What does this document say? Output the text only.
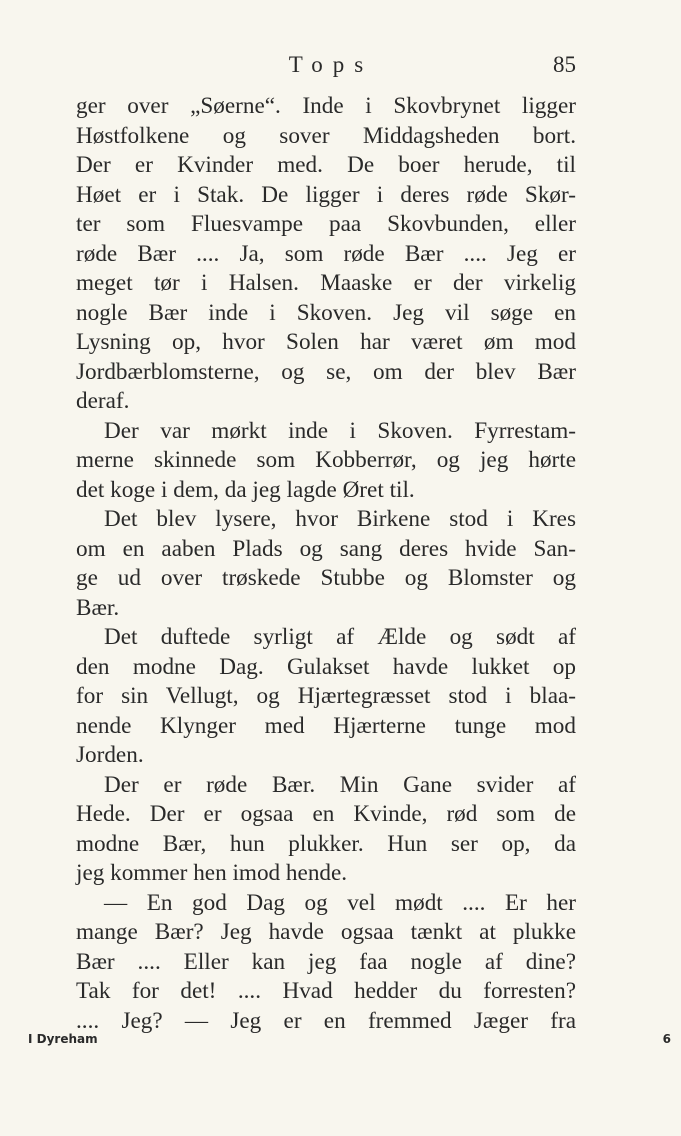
Tops	85
ger over „Søerne“. Inde i Skovbrynet ligger
Høstfolkene og sover Middagsheden bort.
Der er Kvinder med. De boer herude, til
Høet er i Stak. De ligger i deres røde Skør-
ter som Fluesvampe paa Skovbunden, eller
røde Bær .... Ja, som røde Bær .... Jeg er
meget tør i Halsen. Maaske er der virkelig
nogle Bær inde i Skoven. Jeg vil søge en
Lysning op, hvor Solen har været øm mod
Jordbærblomsterne, og se, om der blev Bær
deraf.
Der var mørkt inde i Skoven. Fyrrestam-
merne skinnede som Kobberrør, og jeg hørte
det koge i dem, da jeg lagde Øret til.
Det blev lysere, hvor Birkene stod i Kres
om en aaben Plads og sang deres hvide San-
ge ud over trøskede Stubbe og Blomster og
Bær.
Det duftede syrligt af Ælde og sødt af
den modne Dag. Gulakset havde lukket op
for sin Vellugt, og Hjærtegræsset stod i blaa-
nende Klynger med Hjærterne tunge mod
Jorden.
Der er røde Bær. Min Gane svider af
Hede. Der er ogsaa en Kvinde, rød som de
modne Bær, hun plukker. Hun ser op, da
jeg kommer hen imod hende.
— En god Dag og vel mødt .... Er her
mange Bær? Jeg havde ogsaa tænkt at plukke
Bær .... Eller kan jeg faa nogle af dine?
Tak for det! .... Hvad hedder du forresten?
.... Jeg? — Jeg er en fremmed Jæger fra
I Dyreham	6
